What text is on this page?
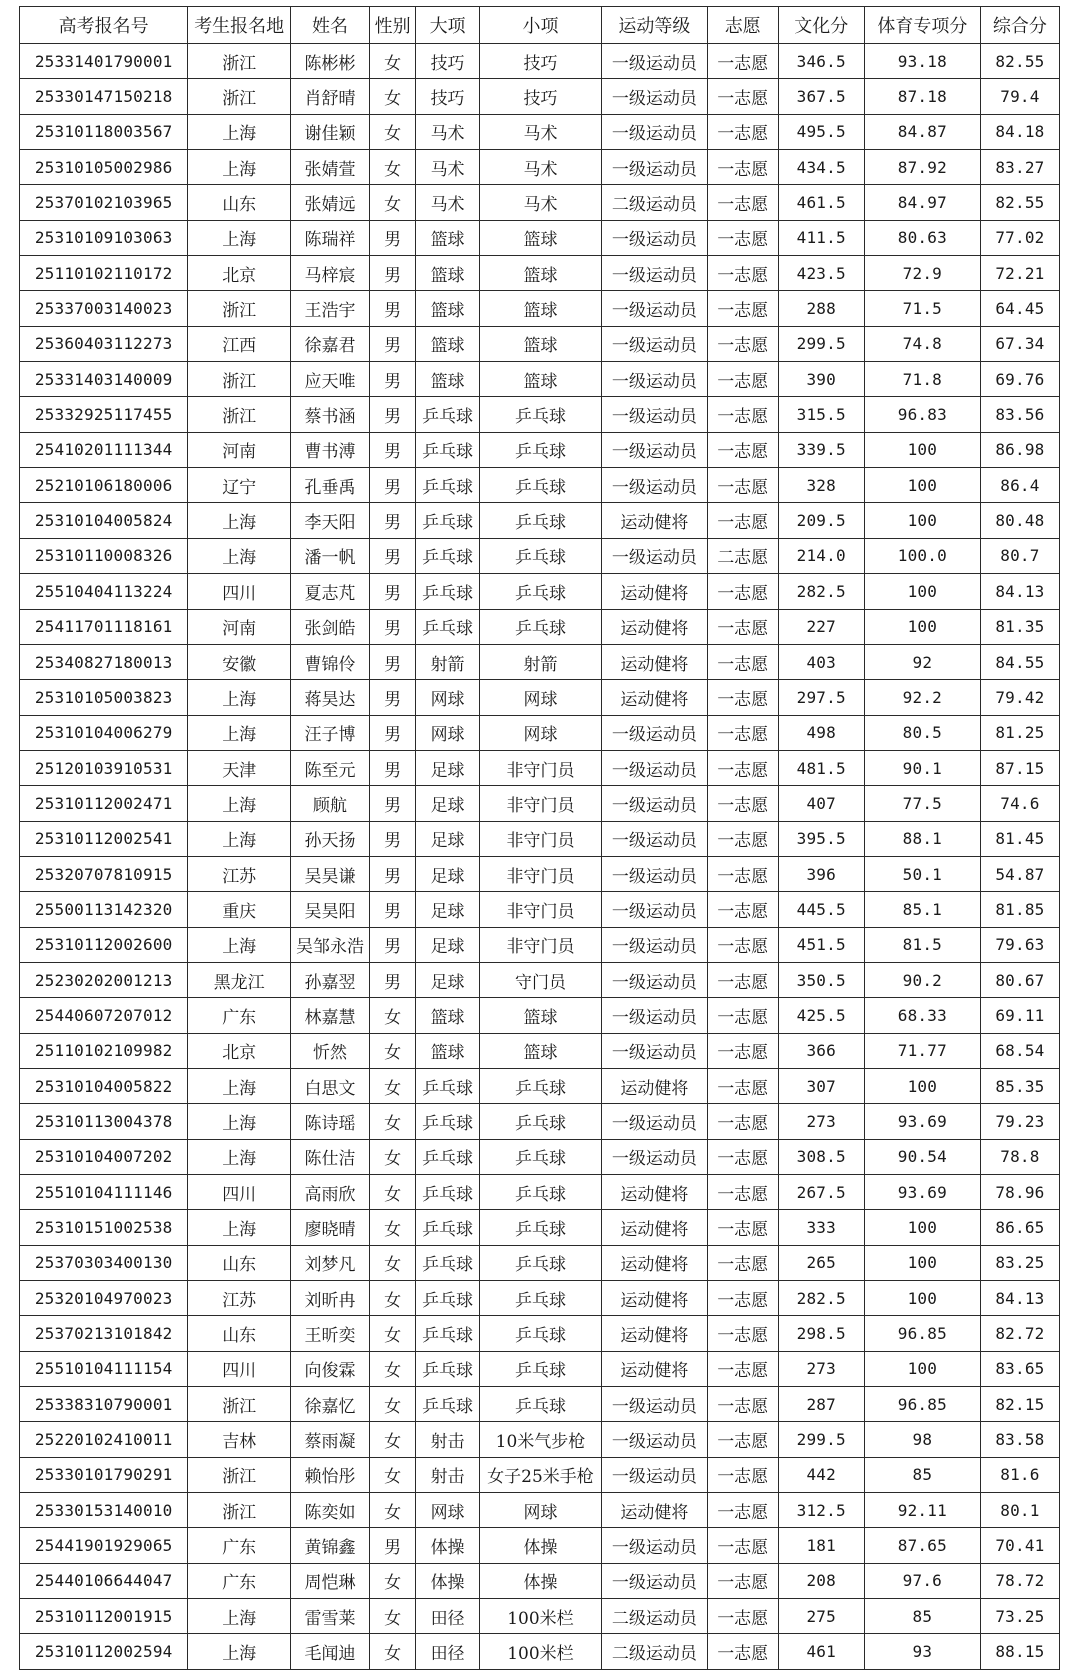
高考报名号	考生报名地	姓名	性别	大项	小项	运动等级	志愿	文化分	体育专项分	综合分
25331401790001	浙江	陈彬彬	女	技巧	技巧	一级运动员	一志愿	346.5	93.18	82.55
25330147150218	浙江	肖舒晴	女	技巧	技巧	一级运动员	一志愿	367.5	87.18	79.4
25310118003567	上海	谢佳颖	女	马术	马术	一级运动员	一志愿	495.5	84.87	84.18
25310105002986	上海	张婧萱	女	马术	马术	一级运动员	一志愿	434.5	87.92	83.27
25370102103965	山东	张婧远	女	马术	马术	二级运动员	一志愿	461.5	84.97	82.55
25310109103063	上海	陈瑞祥	男	篮球	篮球	一级运动员	一志愿	411.5	80.63	77.02
25110102110172	北京	马梓宸	男	篮球	篮球	一级运动员	一志愿	423.5	72.9	72.21
25337003140023	浙江	王浩宇	男	篮球	篮球	一级运动员	一志愿	288	71.5	64.45
25360403112273	江西	徐嘉君	男	篮球	篮球	一级运动员	一志愿	299.5	74.8	67.34
25331403140009	浙江	应天唯	男	篮球	篮球	一级运动员	一志愿	390	71.8	69.76
25332925117455	浙江	蔡书涵	男	乒乓球	乒乓球	一级运动员	一志愿	315.5	96.83	83.56
25410201111344	河南	曹书溥	男	乒乓球	乒乓球	一级运动员	一志愿	339.5	100	86.98
25210106180006	辽宁	孔垂禹	男	乒乓球	乒乓球	一级运动员	一志愿	328	100	86.4
25310104005824	上海	李天阳	男	乒乓球	乒乓球	运动健将	一志愿	209.5	100	80.48
25310110008326	上海	潘一帆	男	乒乓球	乒乓球	一级运动员	二志愿	214.0	100.0	80.7
25510404113224	四川	夏志芃	男	乒乓球	乒乓球	运动健将	一志愿	282.5	100	84.13
25411701118161	河南	张剑皓	男	乒乓球	乒乓球	运动健将	一志愿	227	100	81.35
25340827180013	安徽	曹锦伶	男	射箭	射箭	运动健将	一志愿	403	92	84.55
25310105003823	上海	蒋昊达	男	网球	网球	运动健将	一志愿	297.5	92.2	79.42
25310104006279	上海	汪子博	男	网球	网球	一级运动员	一志愿	498	80.5	81.25
25120103910531	天津	陈至元	男	足球	非守门员	一级运动员	一志愿	481.5	90.1	87.15
25310112002471	上海	顾航	男	足球	非守门员	一级运动员	一志愿	407	77.5	74.6
25310112002541	上海	孙天扬	男	足球	非守门员	一级运动员	一志愿	395.5	88.1	81.45
25320707810915	江苏	吴昊谦	男	足球	非守门员	一级运动员	一志愿	396	50.1	54.87
25500113142320	重庆	吴昊阳	男	足球	非守门员	一级运动员	一志愿	445.5	85.1	81.85
25310112002600	上海	吴邹永浩	男	足球	非守门员	一级运动员	一志愿	451.5	81.5	79.63
25230202001213	黑龙江	孙嘉翌	男	足球	守门员	一级运动员	一志愿	350.5	90.2	80.67
25440607207012	广东	林嘉慧	女	篮球	篮球	一级运动员	一志愿	425.5	68.33	69.11
25110102109982	北京	忻然	女	篮球	篮球	一级运动员	一志愿	366	71.77	68.54
25310104005822	上海	白思文	女	乒乓球	乒乓球	运动健将	一志愿	307	100	85.35
25310113004378	上海	陈诗瑶	女	乒乓球	乒乓球	一级运动员	一志愿	273	93.69	79.23
25310104007202	上海	陈仕洁	女	乒乓球	乒乓球	一级运动员	一志愿	308.5	90.54	78.8
25510104111146	四川	高雨欣	女	乒乓球	乒乓球	运动健将	一志愿	267.5	93.69	78.96
25310151002538	上海	廖晓晴	女	乒乓球	乒乓球	运动健将	一志愿	333	100	86.65
25370303400130	山东	刘梦凡	女	乒乓球	乒乓球	运动健将	一志愿	265	100	83.25
25320104970023	江苏	刘昕冉	女	乒乓球	乒乓球	运动健将	一志愿	282.5	100	84.13
25370213101842	山东	王昕奕	女	乒乓球	乒乓球	运动健将	一志愿	298.5	96.85	82.72
25510104111154	四川	向俊霖	女	乒乓球	乒乓球	运动健将	一志愿	273	100	83.65
25338310790001	浙江	徐嘉忆	女	乒乓球	乒乓球	一级运动员	一志愿	287	96.85	82.15
25220102410011	吉林	蔡雨凝	女	射击	10米气步枪	一级运动员	一志愿	299.5	98	83.58
25330101790291	浙江	赖怡彤	女	射击	女子25米手枪	一级运动员	一志愿	442	85	81.6
25330153140010	浙江	陈奕如	女	网球	网球	运动健将	一志愿	312.5	92.11	80.1
25441901929065	广东	黄锦鑫	男	体操	体操	一级运动员	一志愿	181	87.65	70.41
25440106644047	广东	周恺琳	女	体操	体操	一级运动员	一志愿	208	97.6	78.72
25310112001915	上海	雷雪莱	女	田径	100米栏	二级运动员	一志愿	275	85	73.25
25310112002594	上海	毛闻迪	女	田径	100米栏	二级运动员	一志愿	461	93	88.15
